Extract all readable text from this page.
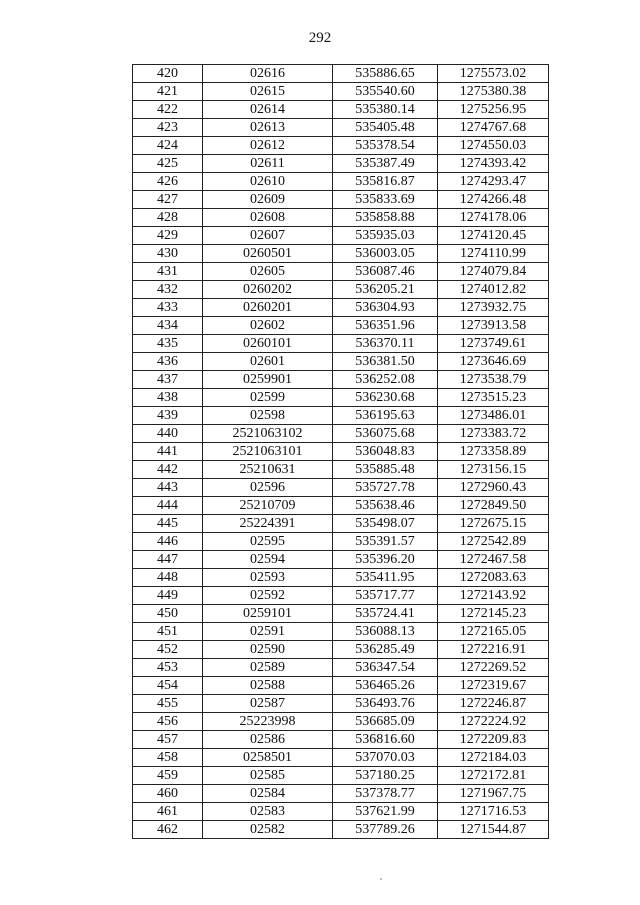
292
420	02616	535886.65	1275573.02
421	02615	535540.60	1275380.38
422	02614	535380.14	1275256.95
423	02613	535405.48	1274767.68
424	02612	535378.54	1274550.03
425	02611	535387.49	1274393.42
426	02610	535816.87	1274293.47
427	02609	535833.69	1274266.48
428	02608	535858.88	1274178.06
429	02607	535935.03	1274120.45
430	0260501	536003.05	1274110.99
431	02605	536087.46	1274079.84
432	0260202	536205.21	1274012.82
433	0260201	536304.93	1273932.75
434	02602	536351.96	1273913.58
435	0260101	536370.11	1273749.61
436	02601	536381.50	1273646.69
437	0259901	536252.08	1273538.79
438	02599	536230.68	1273515.23
439	02598	536195.63	1273486.01
440	2521063102	536075.68	1273383.72
441	2521063101	536048.83	1273358.89
442	25210631	535885.48	1273156.15
443	02596	535727.78	1272960.43
444	25210709	535638.46	1272849.50
445	25224391	535498.07	1272675.15
446	02595	535391.57	1272542.89
447	02594	535396.20	1272467.58
448	02593	535411.95	1272083.63
449	02592	535717.77	1272143.92
450	0259101	535724.41	1272145.23
451	02591	536088.13	1272165.05
452	02590	536285.49	1272216.91
453	02589	536347.54	1272269.52
454	02588	536465.26	1272319.67
455	02587	536493.76	1272246.87
456	25223998	536685.09	1272224.92
457	02586	536816.60	1272209.83
458	0258501	537070.03	1272184.03
459	02585	537180.25	1272172.81
460	02584	537378.77	1271967.75
461	02583	537621.99	1271716.53
462	02582	537789.26	1271544.87
